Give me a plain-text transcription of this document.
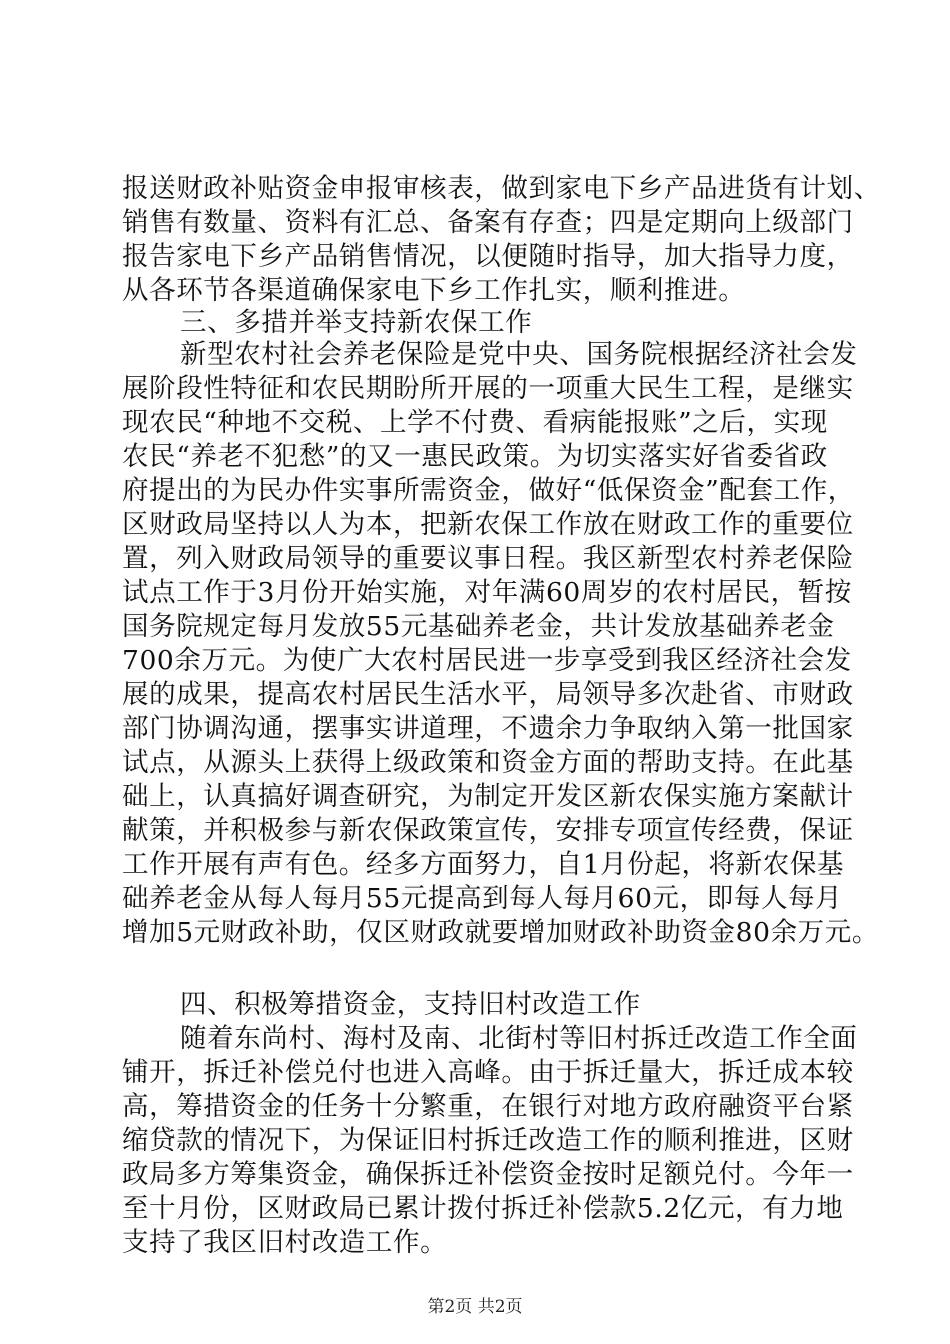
报送财政补贴资金申报审核表，做到家电下乡产品进货有计划、
销售有数量、资料有汇总、备案有存查；四是定期向上级部门
报告家电下乡产品销售情况，以便随时指导，加大指导力度，
从各环节各渠道确保家电下乡工作扎实，顺利推进。
三、多措并举支持新农保工作
新型农村社会养老保险是党中央、国务院根据经济社会发
展阶段性特征和农民期盼所开展的一项重大民生工程，是继实
现农民“种地不交税、上学不付费、看病能报账”之后，实现
农民“养老不犯愁”的又一惠民政策。为切实落实好省委省政
府提出的为民办件实事所需资金，做好“低保资金”配套工作，
区财政局坚持以人为本，把新农保工作放在财政工作的重要位
置，列入财政局领导的重要议事日程。我区新型农村养老保险
试点工作于3月份开始实施，对年满60周岁的农村居民，暂按
国务院规定每月发放55元基础养老金，共计发放基础养老金
700余万元。为使广大农村居民进一步享受到我区经济社会发
展的成果，提高农村居民生活水平，局领导多次赴省、市财政
部门协调沟通，摆事实讲道理，不遗余力争取纳入第一批国家
试点，从源头上获得上级政策和资金方面的帮助支持。在此基
础上，认真搞好调查研究，为制定开发区新农保实施方案献计
献策，并积极参与新农保政策宣传，安排专项宣传经费，保证
工作开展有声有色。经多方面努力，自1月份起，将新农保基
础养老金从每人每月55元提高到每人每月60元，即每人每月
增加5元财政补助，仅区财政就要增加财政补助资金80余万元。
四、积极筹措资金，支持旧村改造工作
随着东尚村、海村及南、北街村等旧村拆迁改造工作全面
铺开，拆迁补偿兑付也进入高峰。由于拆迁量大，拆迁成本较
高，筹措资金的任务十分繁重，在银行对地方政府融资平台紧
缩贷款的情况下，为保证旧村拆迁改造工作的顺利推进，区财
政局多方筹集资金，确保拆迁补偿资金按时足额兑付。今年一
至十月份，区财政局已累计拨付拆迁补偿款5.2亿元，有力地
支持了我区旧村改造工作。
第2页 共2页
